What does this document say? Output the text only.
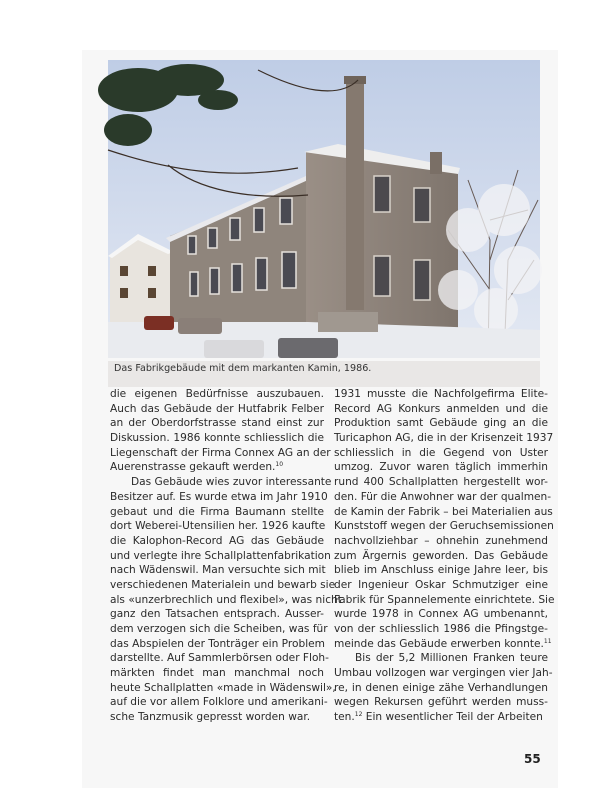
Das Fabrikgebäude mit dem markanten Kamin, 1986.
die eigenen Bedürfnisse auszubauen.
Auch das Gebäude der Hutfabrik Felber
an der Oberdorfstrasse stand einst zur
Diskussion. 1986 konnte schliesslich die
Liegenschaft der Firma Connex AG an der
Auerenstrasse gekauft werden.$^{10}$
Das Gebäude wies zuvor interessante
Besitzer auf. Es wurde etwa im Jahr 1910
gebaut und die Firma Baumann stellte
dort Weberei-Utensilien her. 1926 kaufte
die Kalophon-Record AG das Gebäude
und verlegte ihre Schallplattenfabrikation
nach Wädenswil. Man versuchte sich mit
verschiedenen Materialein und bewarb sie
als «unzerbrechlich und flexibel», was nicht
ganz den Tatsachen entsprach. Ausser-
dem verzogen sich die Scheiben, was für
das Abspielen der Tonträger ein Problem
darstellte. Auf Sammlerbörsen oder Floh-
märkten findet man manchmal noch
heute Schallplatten «made in Wädenswil»,
auf die vor allem Folklore und amerikani-
sche Tanzmusik gepresst worden war.
1931 musste die Nachfolgefirma Elite-
Record AG Konkurs anmelden und die
Produktion samt Gebäude ging an die
Turicaphon AG, die in der Krisenzeit 1937
schliesslich in die Gegend von Uster
umzog. Zuvor waren täglich immerhin
rund 400 Schallplatten hergestellt wor-
den. Für die Anwohner war der qualmen-
de Kamin der Fabrik – bei Materialien aus
Kunststoff wegen der Geruchsemissionen
nachvollziehbar – ohnehin zunehmend
zum Ärgernis geworden. Das Gebäude
blieb im Anschluss einige Jahre leer, bis
der Ingenieur Oskar Schmutziger eine
Fabrik für Spannelemente einrichtete. Sie
wurde 1978 in Connex AG umbenannt,
von der schliesslich 1986 die Pfingstge-
meinde das Gebäude erwerben konnte.$^{11}$
Bis der 5,2 Millionen Franken teure
Umbau vollzogen war vergingen vier Jah-
re, in denen einige zähe Verhandlungen
wegen Rekursen geführt werden muss-
ten.$^{12}$ Ein wesentlicher Teil der Arbeiten
55
